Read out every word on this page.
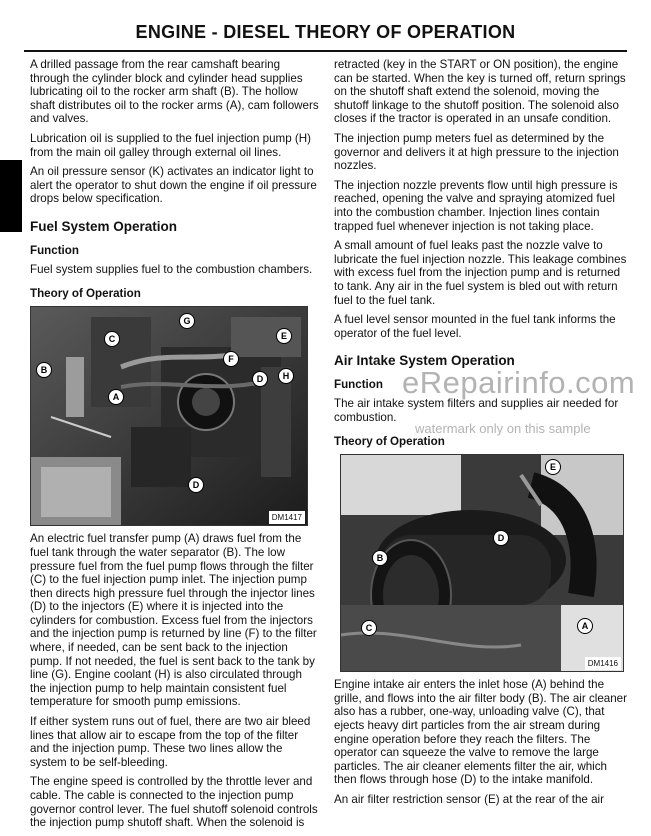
ENGINE - DIESEL THEORY OF OPERATION

A drilled passage from the rear camshaft bearing through the cylinder block and cylinder head supplies lubricating oil to the rocker arm shaft (B). The hollow shaft distributes oil to the rocker arms (A), cam followers and valves.

Lubrication oil is supplied to the fuel injection pump (H) from the main oil galley through external oil lines.

An oil pressure sensor (K) activates an indicator light to alert the operator to shut down the engine if oil pressure drops below specification.

Fuel System Operation
Function

Fuel system supplies fuel to the combustion chambers.

Theory of Operation
C
G
E
F
B
A
D	H
D
DM1417

An electric fuel transfer pump (A) draws fuel from the fuel tank through the water separator (B). The low pressure fuel from the fuel pump flows through the filter (C) to the fuel injection pump inlet. The injection pump then directs high pressure fuel through the injector lines (D) to the injectors (E) where it is injected into the cylinders for combustion. Excess fuel from the injectors and the injection pump is returned by line (F) to the filter where, if needed, can be sent back to the injection pump. If not needed, the fuel is sent back to the tank by line (G). Engine coolant (H) is also circulated through the injection pump to help maintain consistent fuel temperature for smooth pump emissions.

If either system runs out of fuel, there are two air bleed lines that allow air to escape from the top of the filter and the injection pump. These two lines allow the system to be self-bleeding.

The engine speed is controlled by the throttle lever and cable. The cable is connected to the injection pump governor control lever. The fuel shutoff solenoid controls the injection pump shutoff shaft. When the solenoid is

retracted (key in the START or ON position), the engine can be started. When the key is turned off, return springs on the shutoff shaft extend the solenoid, moving the shutoff linkage to the shutoff position. The solenoid also closes if the tractor is operated in an unsafe condition.

The injection pump meters fuel as determined by the governor and delivers it at high pressure to the injection nozzles.

The injection nozzle prevents flow until high pressure is reached, opening the valve and spraying atomized fuel into the combustion chamber. Injection lines contain trapped fuel whenever injection is not taking place.

A small amount of fuel leaks past the nozzle valve to lubricate the fuel injection nozzle. This leakage combines with excess fuel from the injection pump and is returned to tank. Any air in the fuel system is bled out with return fuel to the fuel tank.

A fuel level sensor mounted in the fuel tank informs the operator of the fuel level.

Air Intake System Operation
Function

The air intake system filters and supplies air needed for combustion.

Theory of Operation
E
D
B
C	A
DM1416

Engine intake air enters the inlet hose (A) behind the grille, and flows into the air filter body (B). The air cleaner also has a rubber, one-way, unloading valve (C), that ejects heavy dirt particles from the air stream during engine operation before they reach the filters. The operator can squeeze the valve to remove the large particles. The air cleaner elements filter the air, which then flows through hose (D) to the intake manifold.

An air filter restriction sensor (E) at the rear of the air

eRepairinfo.com
watermark only on this sample
